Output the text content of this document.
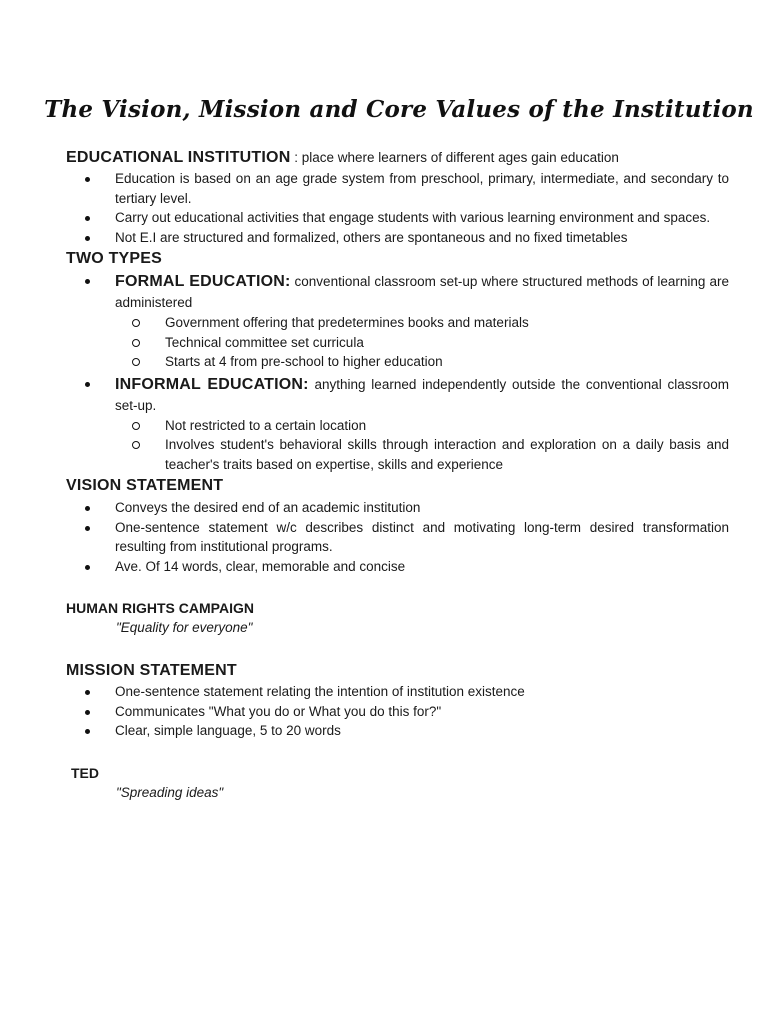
The Vision, Mission and Core Values of the Institution
EDUCATIONAL INSTITUTION : place where learners of different ages gain education
Education is based on an age grade system from preschool, primary, intermediate, and secondary to tertiary level.
Carry out educational activities that engage students with various learning environment and spaces.
Not E.I are structured and formalized, others are spontaneous and no fixed timetables
TWO TYPES
FORMAL EDUCATION: conventional classroom set-up where structured methods of learning are administered
Government offering that predetermines books and materials
Technical committee set curricula
Starts at 4 from pre-school to higher education
INFORMAL EDUCATION: anything learned independently outside the conventional classroom set-up.
Not restricted to a certain location
Involves student's behavioral skills through interaction and exploration on a daily basis and teacher's traits based on expertise, skills and experience
VISION STATEMENT
Conveys the desired end of an academic institution
One-sentence statement w/c describes distinct and motivating long-term desired transformation resulting from institutional programs.
Ave. Of 14 words, clear, memorable and concise
HUMAN RIGHTS CAMPAIGN
"Equality for everyone"
MISSION STATEMENT
One-sentence statement relating the intention of institution existence
Communicates "What you do or What you do this for?"
Clear, simple language, 5 to 20 words
TED
"Spreading ideas"
